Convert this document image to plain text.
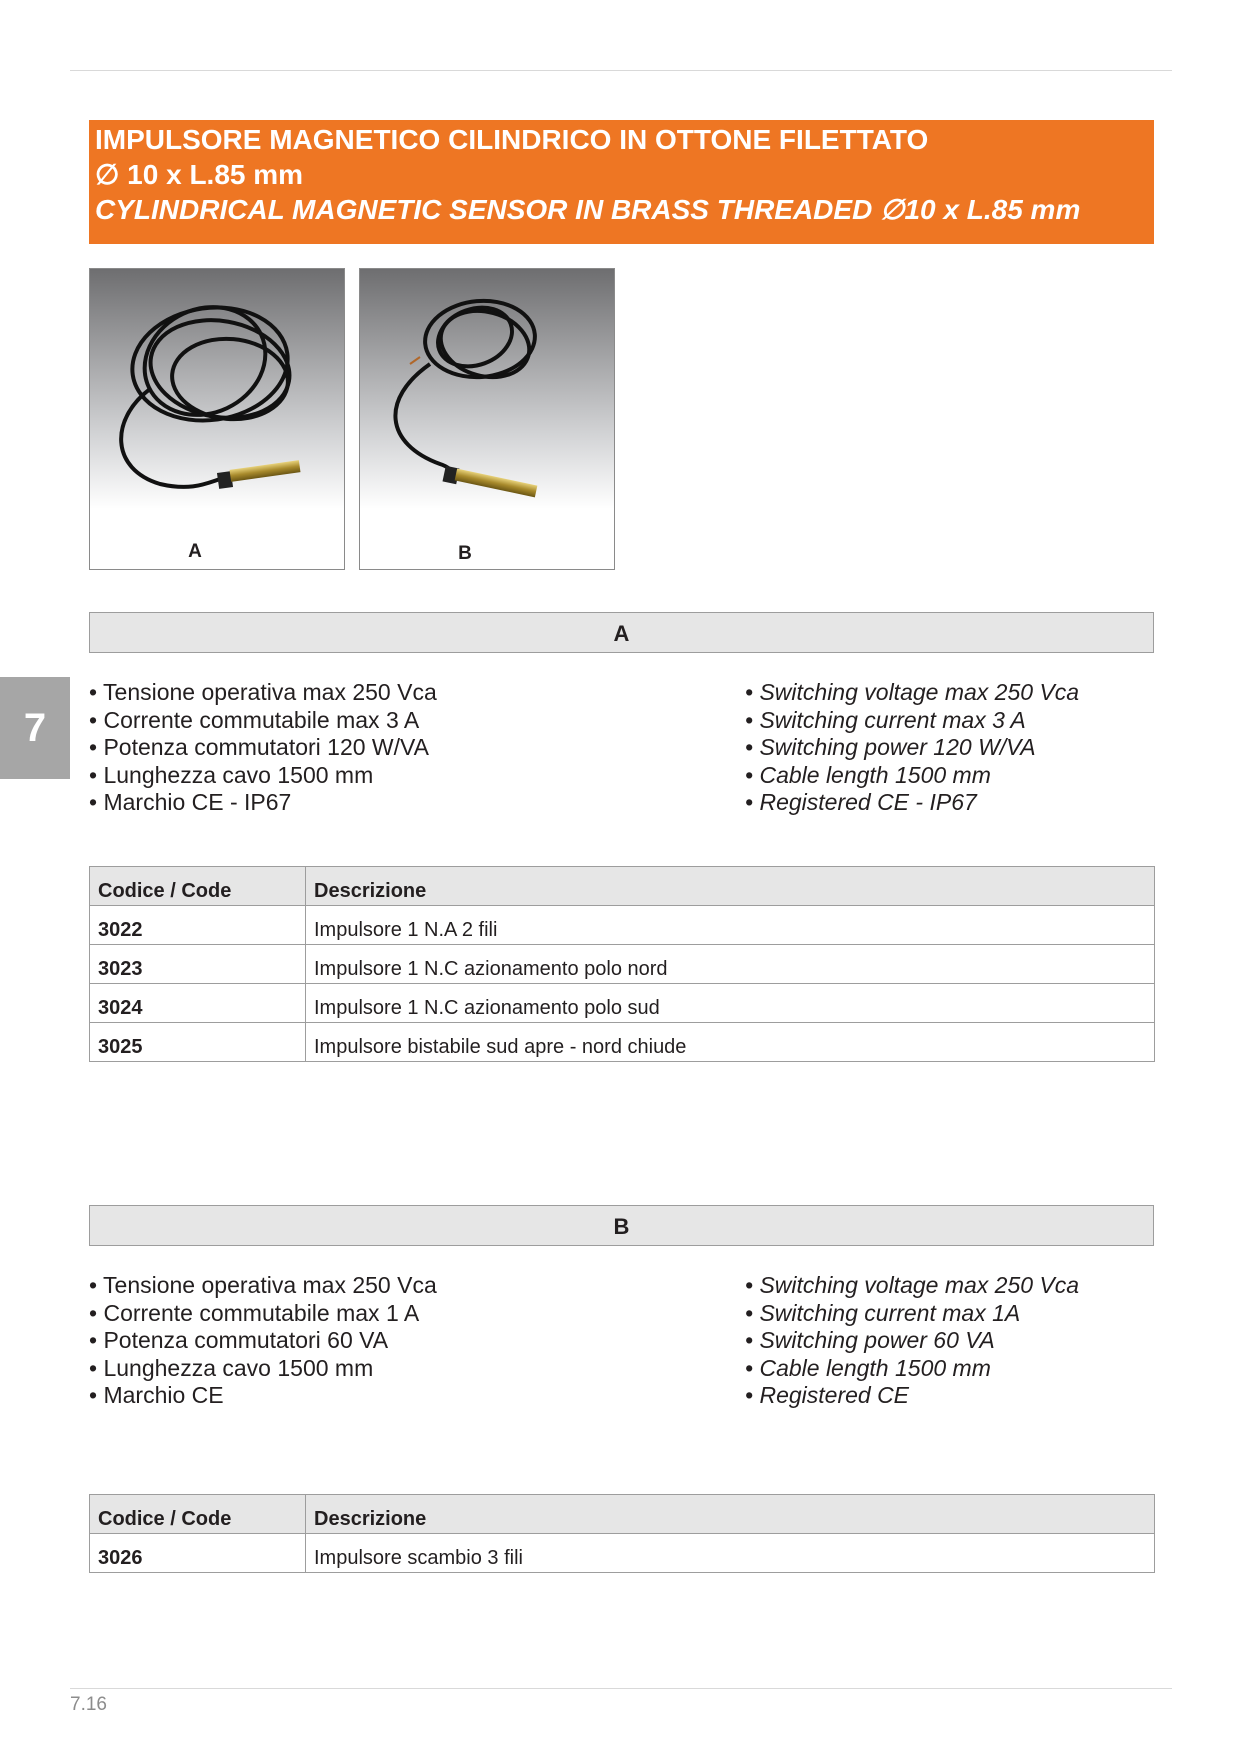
IMPULSORE MAGNETICO CILINDRICO IN OTTONE FILETTATO
∅ 10 x L.85 mm
CYLINDRICAL MAGNETIC SENSOR IN BRASS THREADED ∅10 x L.85 mm
A	B
A
7
• Tensione operativa max 250 Vca
• Corrente commutabile max 3 A
• Potenza commutatori 120 W/VA
• Lunghezza cavo 1500 mm
• Marchio CE - IP67
• Switching voltage max 250 Vca
• Switching current max 3 A
• Switching power 120 W/VA
• Cable length 1500 mm
• Registered CE - IP67
Codice / Code	Descrizione
3022	Impulsore 1 N.A 2 fili
3023	Impulsore 1 N.C azionamento polo nord
3024	Impulsore 1 N.C azionamento polo sud
3025	Impulsore bistabile sud apre - nord chiude
B
• Tensione operativa max 250 Vca
• Corrente commutabile max 1 A
• Potenza commutatori 60 VA
• Lunghezza cavo 1500 mm
• Marchio CE
• Switching voltage max 250 Vca
• Switching current max 1A
• Switching power 60 VA
• Cable length 1500 mm
• Registered CE
Codice / Code	Descrizione
3026	Impulsore scambio 3 fili
7.16
